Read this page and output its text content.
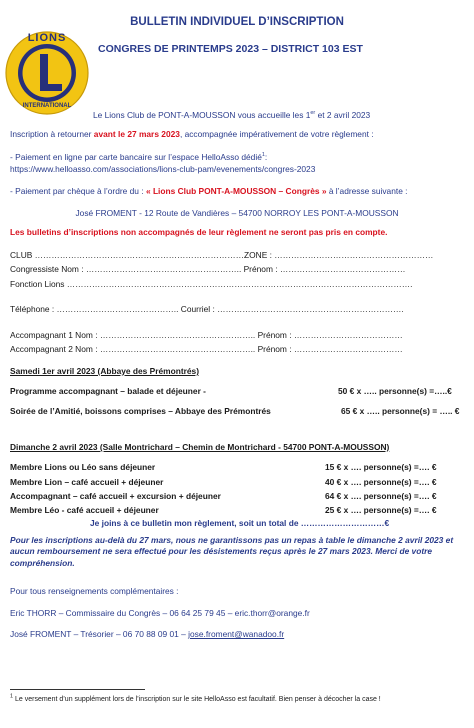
BULLETIN INDIVIDUEL D’INSCRIPTION
CONGRES DE PRINTEMPS 2023 – DISTRICT 103 EST
LIONS
INTERNATIONAL
Le Lions Club de PONT-A-MOUSSON vous accueille les 1er et 2 avril 2023
Inscription à retourner avant le 27 mars 2023, accompagnée impérativement de votre règlement :
- Paiement en ligne par carte bancaire sur l’espace HelloAsso dédié$^1$:
https://www.helloasso.com/associations/lions-club-pam/evenements/congres-2023
- Paiement par chèque à l’ordre du : « Lions Club PONT-A-MOUSSON – Congrès » à l’adresse suivante :
José FROMENT - 12 Route de Vandières – 54700 NORROY LES PONT-A-MOUSSON
Les bulletins d’inscriptions non accompagnés de leur règlement ne seront pas pris en compte.
CLUB …………………………………………………………………ZONE : …………………………………………………
Congressiste Nom : ……………………………………………….. Prénom : ………………………………………
Fonction Lions …………………………………………………………………………………………………………….
Téléphone : …………………………………….. Courriel : ………………………………………………………….
Accompagnant 1 Nom : ……………………………………………….. Prénom : …………………………………
Accompagnant 2 Nom : ……………………………………………….. Prénom : …………………………………
Samedi 1er avril 2023 (Abbaye des Prémontrés)
Programme accompagnant – balade et déjeuner -	50 € x ….. personne(s) =…..€
Soirée de l’Amitié, boissons comprises – Abbaye des Prémontrés	65 € x ….. personne(s) = ….. €
Dimanche 2 avril 2023 (Salle Montrichard – Chemin de Montrichard - 54700 PONT-A-MOUSSON)
Membre Lions ou Léo sans déjeuner	15 € x …. personne(s) =…. €
Membre Lion – café accueil + déjeuner	40 € x …. personne(s) =…. €
Accompagnant – café accueil + excursion + déjeuner	64 € x …. personne(s) =…. €
Membre Léo - café accueil + déjeuner	25 € x …. personne(s) =…. €
Je joins à ce bulletin mon règlement, soit un total de …………………………€
Pour les inscriptions au-delà du 27 mars, nous ne garantissons pas un repas à table le dimanche 2 avril 2023 et aucun remboursement ne sera effectué pour les désistements reçus après le 27 mars 2023. Merci de votre compréhension.
Pour tous renseignements complémentaires :
Eric THORR – Commissaire du Congrès – 06 64 25 79 45 – eric.thorr@orange.fr
José FROMENT – Trésorier – 06 70 88 09 01 – jose.froment@wanadoo.fr
$^1$ Le versement d’un supplément lors de l’inscription sur le site HelloAsso est facultatif. Bien penser à décocher la case !
